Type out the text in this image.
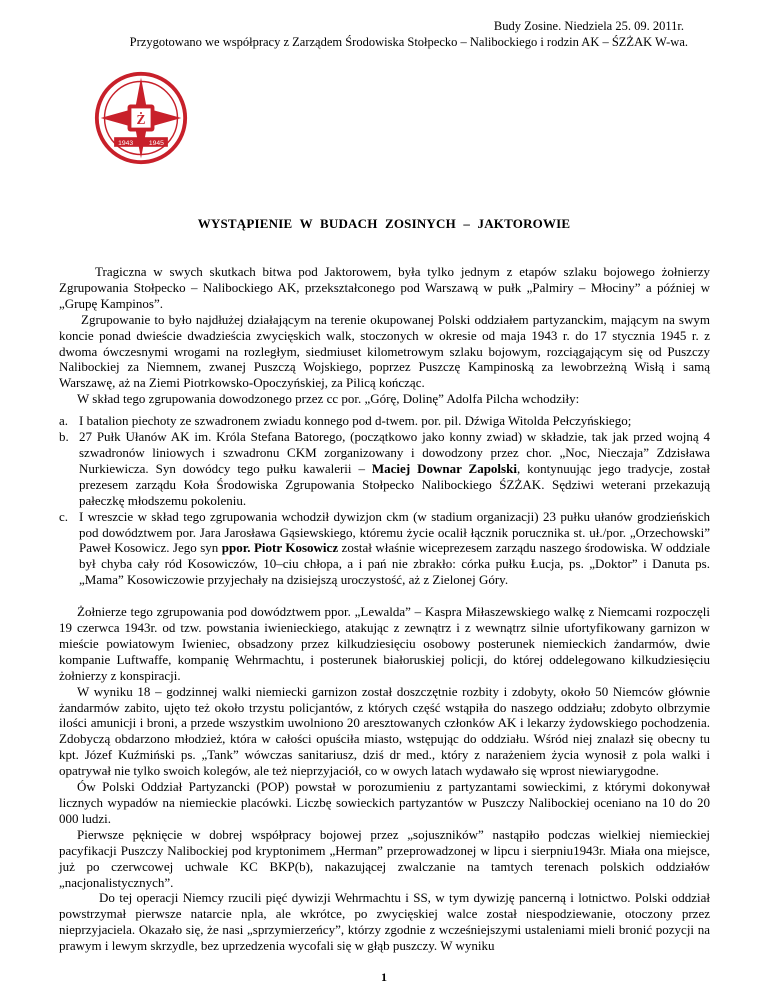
Budy Zosine. Niedziela 25. 09. 2011r.
Przygotowano we współpracy z Zarządem Środowiska Stołpecko – Nalibockiego i rodzin AK – ŚZŻAK W-wa.
Ż
1943 1945
WYSTĄPIENIE W BUDACH ZOSINYCH – JAKTOROWIE

Tragiczna w swych skutkach bitwa pod Jaktorowem, była tylko jednym z etapów szlaku bojowego żołnierzy Zgrupowania Stołpecko – Nalibockiego AK, przekształconego pod Warszawą w pułk „Palmiry – Młociny” a później w „Grupę Kampinos”.

Zgrupowanie to było najdłużej działającym na terenie okupowanej Polski oddziałem partyzanckim, mającym na swym koncie ponad dwieście dwadzieścia zwycięskich walk, stoczonych w okresie od maja 1943 r. do 17 stycznia 1945 r. z dwoma ówczesnymi wrogami na rozległym, siedmiuset kilometrowym szlaku bojowym, rozciągającym się od Puszczy Nalibockiej za Niemnem, zwanej Puszczą Wojskiego, poprzez Puszczę Kampinoską za lewobrzeżną Wisłą i samą Warszawę, aż na Ziemi Piotrkowsko-Opoczyńskiej, za Pilicą kończąc.

W skład tego zgrupowania dowodzonego przez cc por. „Górę, Dolinę” Adolfa Pilcha wchodziły:

a. I batalion piechoty ze szwadronem zwiadu konnego pod d-twem. por. pil. Dźwiga Witolda Pełczyńskiego;
b. 27 Pułk Ułanów AK im. Króla Stefana Batorego, (początkowo jako konny zwiad) w składzie, tak jak przed wojną 4 szwadronów liniowych i szwadronu CKM zorganizowany i dowodzony przez chor. „Noc, Nieczaja” Zdzisława Nurkiewicza. Syn dowódcy tego pułku kawalerii – Maciej Downar Zapolski, kontynuując jego tradycje, został prezesem zarządu Koła Środowiska Zgrupowania Stołpecko Nalibockiego ŚZŻAK. Sędziwi weterani przekazują pałeczkę młodszemu pokoleniu.
c. I wreszcie w skład tego zgrupowania wchodził dywizjon ckm (w stadium organizacji) 23 pułku ułanów grodzieńskich pod dowództwem por. Jara Jarosława Gąsiewskiego, któremu życie ocalił łącznik porucznika st. uł./por. „Orzechowski” Paweł Kosowicz. Jego syn ppor. Piotr Kosowicz został właśnie wiceprezesem zarządu naszego środowiska. W oddziale był chyba cały ród Kosowiczów, 10–ciu chłopa, a i pań nie zbrakło: córka pułku Łucja, ps. „Doktor” i Danuta ps. „Mama” Kosowiczowie przyjechały na dzisiejszą uroczystość, aż z Zielonej Góry.

Żołnierze tego zgrupowania pod dowództwem ppor. „Lewalda” – Kaspra Miłaszewskiego walkę z Niemcami rozpoczęli 19 czerwca 1943r. od tzw. powstania iwienieckiego, atakując z zewnątrz i z wewnątrz silnie ufortyfikowany garnizon w mieście powiatowym Iwieniec, obsadzony przez kilkudziesięciu osobowy posterunek niemieckich żandarmów, dwie kompanie Luftwaffe, kompanię Wehrmachtu, i posterunek białoruskiej policji, do której oddelegowano kilkudziesięciu żołnierzy z konspiracji.

W wyniku 18 – godzinnej walki niemiecki garnizon został doszczętnie rozbity i zdobyty, około 50 Niemców głównie żandarmów zabito, ujęto też około trzystu policjantów, z których część wstąpiła do naszego oddziału; zdobyto olbrzymie ilości amunicji i broni, a przede wszystkim uwolniono 20 aresztowanych członków AK i lekarzy żydowskiego pochodzenia. Zdobyczą obdarzono młodzież, która w całości opuściła miasto, wstępując do oddziału. Wśród niej znalazł się obecny tu kpt. Józef Kuźmiński ps. „Tank” wówczas sanitariusz, dziś dr med., który z narażeniem życia wynosił z pola walki i opatrywał nie tylko swoich kolegów, ale też nieprzyjaciół, co w owych latach wydawało się wprost niewiarygodne.

Ów Polski Oddział Partyzancki (POP) powstał w porozumieniu z partyzantami sowieckimi, z którymi dokonywał licznych wypadów na niemieckie placówki. Liczbę sowieckich partyzantów w Puszczy Nalibockiej oceniano na 10 do 20 000 ludzi.

Pierwsze pęknięcie w dobrej współpracy bojowej przez „sojuszników” nastąpiło podczas wielkiej niemieckiej pacyfikacji Puszczy Nalibockiej pod kryptonimem „Herman” przeprowadzonej w lipcu i sierpniu1943r. Miała ona miejsce, już po czerwcowej uchwale KC BKP(b), nakazującej zwalczanie na tamtych terenach polskich oddziałów „nacjonalistycznych”.

Do tej operacji Niemcy rzucili pięć dywizji Wehrmachtu i SS, w tym dywizję pancerną i lotnictwo. Polski oddział powstrzymał pierwsze natarcie npla, ale wkrótce, po zwycięskiej walce został niespodziewanie, otoczony przez nieprzyjaciela. Okazało się, że nasi „sprzymierzeńcy”, którzy zgodnie z wcześniejszymi ustaleniami mieli bronić pozycji na prawym i lewym skrzydle, bez uprzedzenia wycofali się w głąb puszczy. W wyniku

1
